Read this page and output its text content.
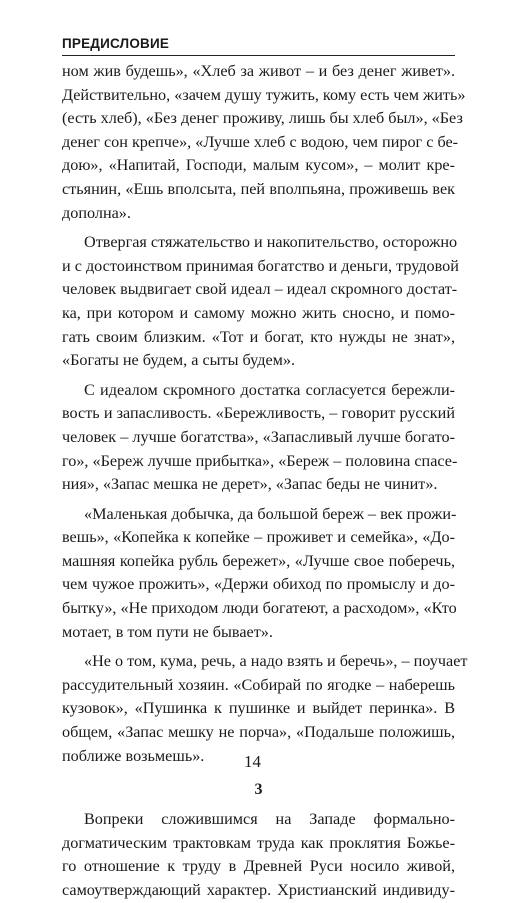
ПРЕДИСЛОВИЕ
ном жив будешь», «Хлеб за живот – и без денег живет».
Действительно, «зачем душу тужить, кому есть чем жить»
(есть хлеб), «Без денег проживу, лишь бы хлеб был», «Без
денег сон крепче», «Лучше хлеб с водою, чем пирог с бе-
дою», «Напитай, Господи, малым кусом», – молит кре-
стьянин, «Ешь вполсыта, пей вполпьяна, проживешь век
дополна».
Отвергая стяжательство и накопительство, осторожно
и с достоинством принимая богатство и деньги, трудовой
человек выдвигает свой идеал – идеал скромного достат-
ка, при котором и самому можно жить сносно, и помо-
гать своим близким. «Тот и богат, кто нужды не знат»,
«Богаты не будем, а сыты будем».
С идеалом скромного достатка согласуется бережли-
вость и запасливость. «Бережливость, – говорит русский
человек – лучше богатства», «Запасливый лучше богато-
го», «Береж лучше прибытка», «Береж – половина спасе-
ния», «Запас мешка не дерет», «Запас беды не чинит».
«Маленькая добычка, да большой береж – век прожи-
вешь», «Копейка к копейке – проживет и семейка», «До-
машняя копейка рубль бережет», «Лучше свое поберечь,
чем чужое прожить», «Держи обиход по промыслу и до-
бытку», «Не приходом люди богатеют, а расходом», «Кто
мотает, в том пути не бывает».
«Не о том, кума, речь, а надо взять и беречь», – поучает
рассудительный хозяин. «Собирай по ягодке – наберешь
кузовок», «Пушинка к пушинке и выйдет перинка». В
общем, «Запас мешку не порча», «Подальше положишь,
поближе возьмешь».
3
Вопреки сложившимся на Западе формально-
догматическим трактовкам труда как проклятия Божье-
го отношение к труду в Древней Руси носило живой,
самоутверждающий характер. Христианский индивиду-
14
